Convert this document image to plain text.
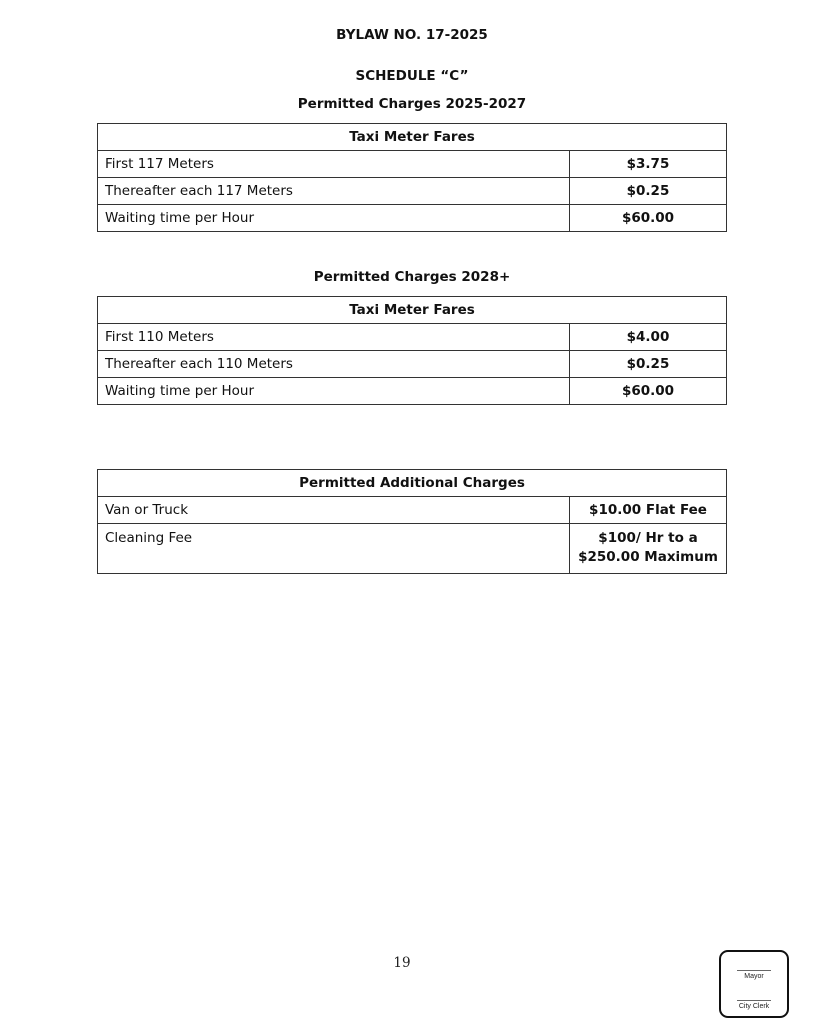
BYLAW NO. 17-2025
SCHEDULE “C”
Permitted Charges 2025-2027
Taxi Meter Fares	
First 117 Meters	$3.75
Thereafter each 117 Meters	$0.25
Waiting time per Hour	$60.00
Permitted Charges 2028+
Taxi Meter Fares	
First 110 Meters	$4.00
Thereafter each 110 Meters	$0.25
Waiting time per Hour	$60.00
Permitted Additional Charges	
Van or Truck	$10.00 Flat Fee
Cleaning Fee	$100/ Hr to a
$250.00 Maximum
19
Mayor
City Clerk
